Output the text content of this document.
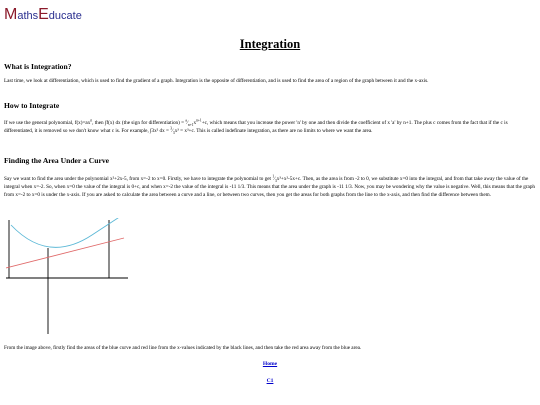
MathsEducate
Integration
What is Integration?
Last time, we look at differentiation, which is used to find the gradient of a graph. Integration is the opposite of differentiation, and is used to find the area of a region of the graph between it and the x-axis.
How to Integrate
If we use the general polynomial, $f(x)=ax^n$, then ∫f(x) dx (the sign for differentiation) = $^a⁄_{n+1}x^{n+1}+c$, which means that you increase the power 'n' by one and then divide the coefficient of x 'a' by n+1. The plus c comes from the fact that if the c is differentiated, it is removed so we don't know what c is. For example, ∫3x² dx = $^3⁄_3x^3 = x^3+c$. This is called indefinate integration, as there are no limits to where we want the area.
Finding the Area Under a Curve
Say we want to find the area under the polynomial x²+2x-5, from x=-2 to x=0. Firstly, we have to integrate the polynomial to get $^1⁄_3x^3+x^2-5x+c$. Then, as the area is from -2 to 0, we substitute x=0 into the integral, and from that take away the value of the integral when x=-2. So, when x=0 the value of the integral is 0+c, and when x=-2 the value of the integral is -11 1/3. This means that the area under the graph is -11 1/3. Now, you may be wondering why the value is negative. Well, this means that the graph from x=-2 to x=0 is under the x-axis. If you are asked to calculate the area between a curve and a line, or between two curves, then you get the areas for both graphs from the line to the x-axis, and then find the difference between them.
From the image above, firstly find the areas of the blue curve and red line from the x-values indicated by the black lines, and then take the red area away from the blue area.
Home
C1
